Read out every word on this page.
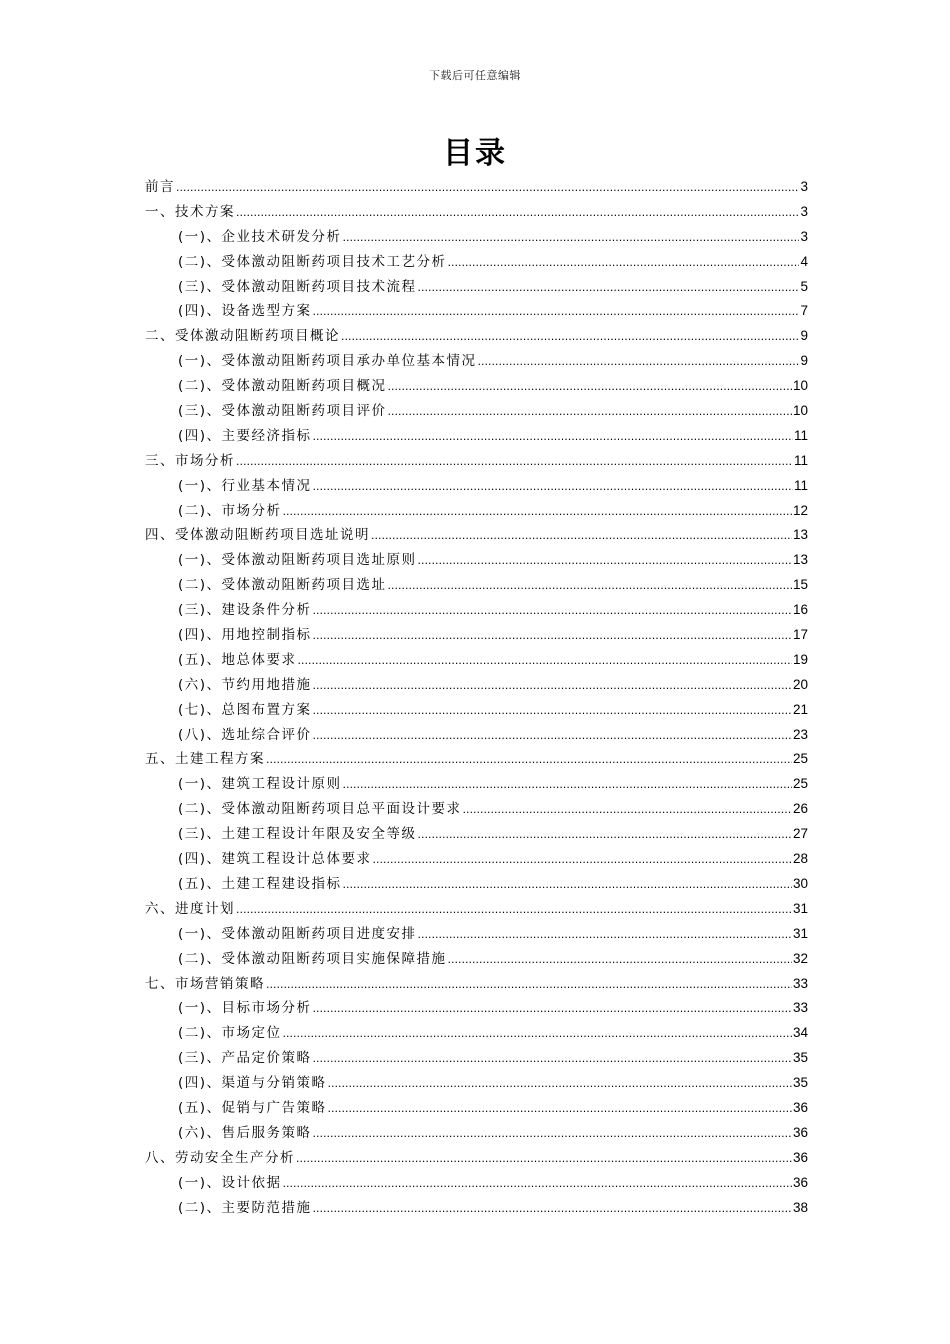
下载后可任意编辑
目录
前言 .....	3
一、技术方案 .....	3
(一)、企业技术研发分析 .....	3
(二)、受体激动阻断药项目技术工艺分析 .....	4
(三)、受体激动阻断药项目技术流程 .....	5
(四)、设备选型方案 .....	7
二、受体激动阻断药项目概论 .....	9
(一)、受体激动阻断药项目承办单位基本情况 .....	9
(二)、受体激动阻断药项目概况 .....	10
(三)、受体激动阻断药项目评价 .....	10
(四)、主要经济指标 .....	11
三、市场分析 .....	11
(一)、行业基本情况 .....	11
(二)、市场分析 .....	12
四、受体激动阻断药项目选址说明 .....	13
(一)、受体激动阻断药项目选址原则 .....	13
(二)、受体激动阻断药项目选址 .....	15
(三)、建设条件分析 .....	16
(四)、用地控制指标 .....	17
(五)、地总体要求 .....	19
(六)、节约用地措施 .....	20
(七)、总图布置方案 .....	21
(八)、选址综合评价 .....	23
五、土建工程方案 .....	25
(一)、建筑工程设计原则 .....	25
(二)、受体激动阻断药项目总平面设计要求 .....	26
(三)、土建工程设计年限及安全等级 .....	27
(四)、建筑工程设计总体要求 .....	28
(五)、土建工程建设指标 .....	30
六、进度计划 .....	31
(一)、受体激动阻断药项目进度安排 .....	31
(二)、受体激动阻断药项目实施保障措施 .....	32
七、市场营销策略 .....	33
(一)、目标市场分析 .....	33
(二)、市场定位 .....	34
(三)、产品定价策略 .....	35
(四)、渠道与分销策略 .....	35
(五)、促销与广告策略 .....	36
(六)、售后服务策略 .....	36
八、劳动安全生产分析 .....	36
(一)、设计依据 .....	36
(二)、主要防范措施 .....	38
